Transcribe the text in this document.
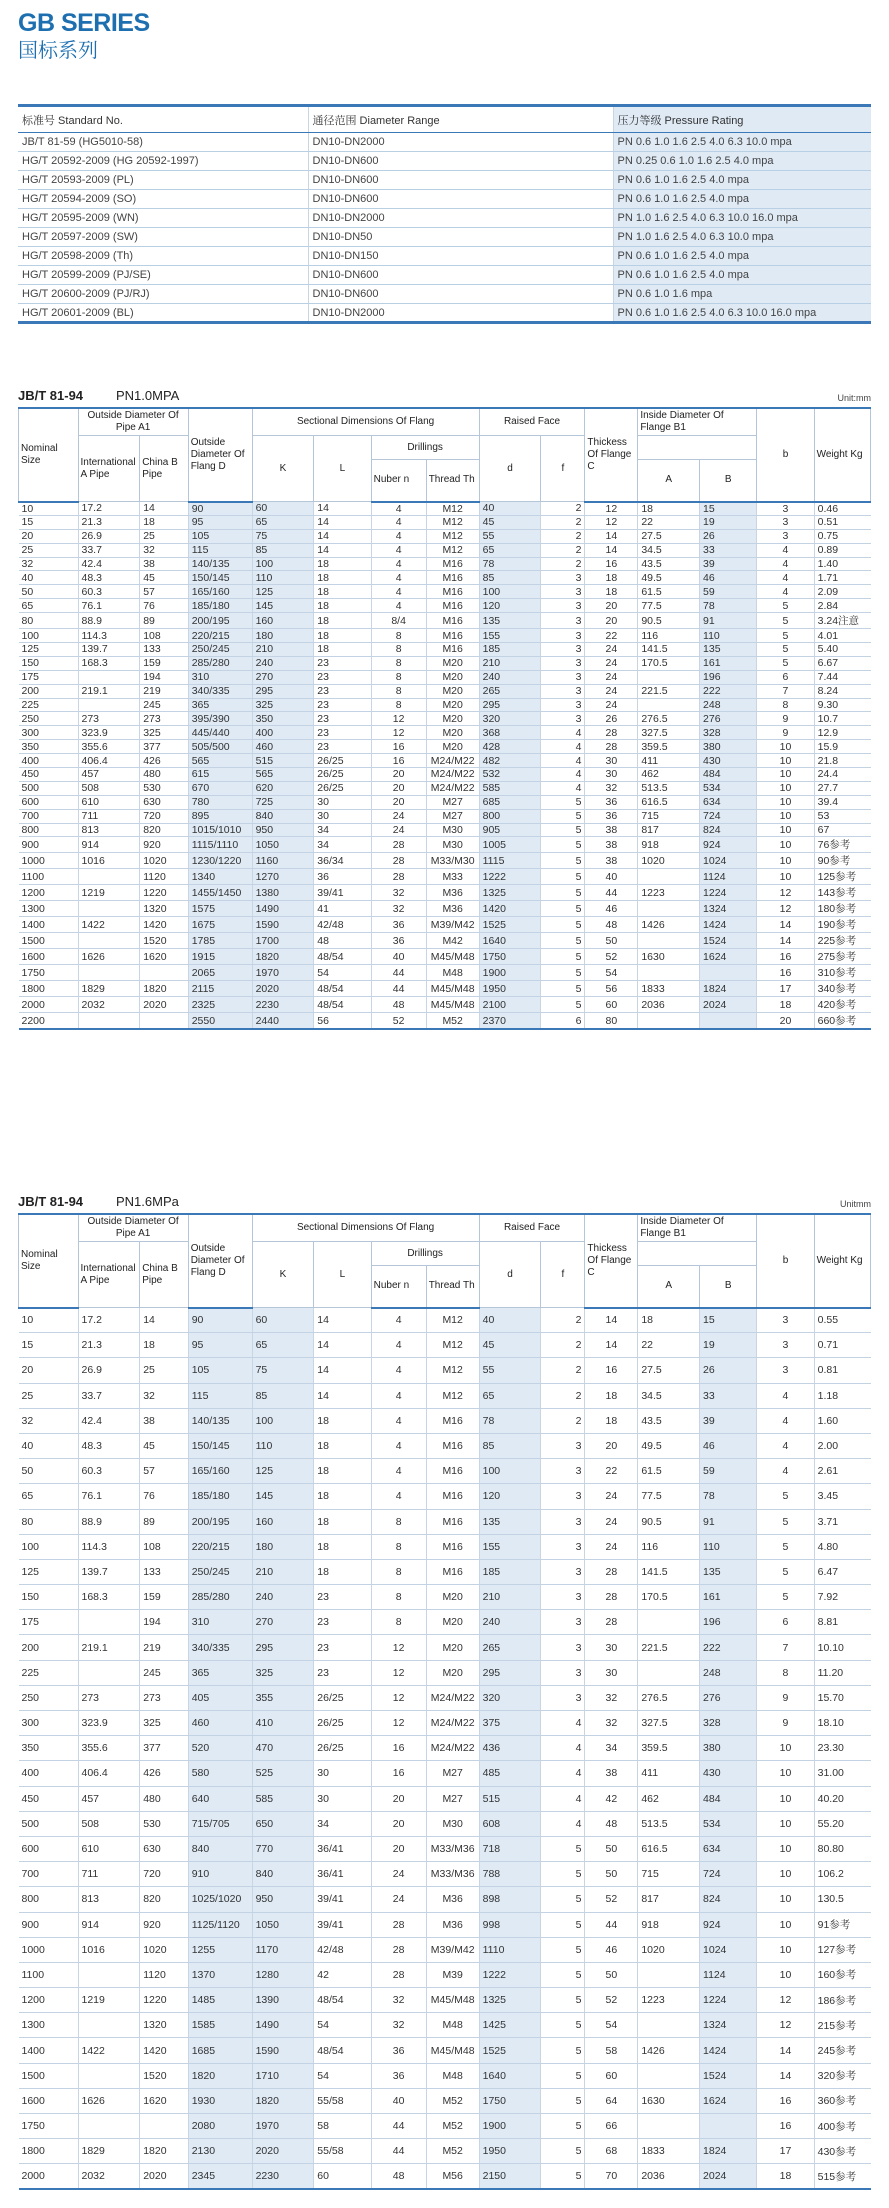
GB SERIES
国标系列
标准号 Standard No.	通径范围 Diameter Range	压力等级 Pressure Rating
JB/T 81-59 (HG5010-58)	DN10-DN2000	PN 0.6 1.0 1.6 2.5 4.0 6.3 10.0 mpa
HG/T 20592-2009 (HG 20592-1997)	DN10-DN600	PN 0.25 0.6 1.0 1.6 2.5 4.0 mpa
HG/T 20593-2009 (PL)	DN10-DN600	PN 0.6 1.0 1.6 2.5 4.0 mpa
HG/T 20594-2009 (SO)	DN10-DN600	PN 0.6 1.0 1.6 2.5 4.0 mpa
HG/T 20595-2009 (WN)	DN10-DN2000	PN 1.0 1.6 2.5 4.0 6.3 10.0 16.0 mpa
HG/T 20597-2009 (SW)	DN10-DN50	PN 1.0 1.6 2.5 4.0 6.3 10.0 mpa
HG/T 20598-2009 (Th)	DN10-DN150	PN 0.6 1.0 1.6 2.5 4.0 mpa
HG/T 20599-2009 (PJ/SE)	DN10-DN600	PN 0.6 1.0 1.6 2.5 4.0 mpa
HG/T 20600-2009 (PJ/RJ)	DN10-DN600	PN 0.6 1.0 1.6 mpa
HG/T 20601-2009 (BL)	DN10-DN2000	PN 0.6 1.0 1.6 2.5 4.0 6.3 10.0 16.0 mpa
JB/T 81-94	PN1.0MPA	Unit:mm
Nominal Size	Outside Diameter Of Pipe A1		Outside Diameter Of Flang D	Sectional Dimensions Of Flang				Raised Face		Thickess Of Flange C	Inside Diameter Of Flange B1		b	Weight Kg
	International A Pipe	China B Pipe		K	L	Drillings		d	f					
						Nuber n	Thread Th				A	B		
10	17.2	14	90	60	14	4	M12	40	2	12	18	15	3	0.46
15	21.3	18	95	65	14	4	M12	45	2	12	22	19	3	0.51
20	26.9	25	105	75	14	4	M12	55	2	14	27.5	26	3	0.75
25	33.7	32	115	85	14	4	M12	65	2	14	34.5	33	4	0.89
32	42.4	38	140/135	100	18	4	M16	78	2	16	43.5	39	4	1.40
40	48.3	45	150/145	110	18	4	M16	85	3	18	49.5	46	4	1.71
50	60.3	57	165/160	125	18	4	M16	100	3	18	61.5	59	4	2.09
65	76.1	76	185/180	145	18	4	M16	120	3	20	77.5	78	5	2.84
80	88.9	89	200/195	160	18	8/4	M16	135	3	20	90.5	91	5	3.24注意
100	114.3	108	220/215	180	18	8	M16	155	3	22	116	110	5	4.01
125	139.7	133	250/245	210	18	8	M16	185	3	24	141.5	135	5	5.40
150	168.3	159	285/280	240	23	8	M20	210	3	24	170.5	161	5	6.67
175		194	310	270	23	8	M20	240	3	24		196	6	7.44
200	219.1	219	340/335	295	23	8	M20	265	3	24	221.5	222	7	8.24
225		245	365	325	23	8	M20	295	3	24		248	8	9.30
250	273	273	395/390	350	23	12	M20	320	3	26	276.5	276	9	10.7
300	323.9	325	445/440	400	23	12	M20	368	4	28	327.5	328	9	12.9
350	355.6	377	505/500	460	23	16	M20	428	4	28	359.5	380	10	15.9
400	406.4	426	565	515	26/25	16	M24/M22	482	4	30	411	430	10	21.8
450	457	480	615	565	26/25	20	M24/M22	532	4	30	462	484	10	24.4
500	508	530	670	620	26/25	20	M24/M22	585	4	32	513.5	534	10	27.7
600	610	630	780	725	30	20	M27	685	5	36	616.5	634	10	39.4
700	711	720	895	840	30	24	M27	800	5	36	715	724	10	53
800	813	820	1015/1010	950	34	24	M30	905	5	38	817	824	10	67
900	914	920	1115/1110	1050	34	28	M30	1005	5	38	918	924	10	76参考
1000	1016	1020	1230/1220	1160	36/34	28	M33/M30	1115	5	38	1020	1024	10	90参考
1100		1120	1340	1270	36	28	M33	1222	5	40		1124	10	125参考
1200	1219	1220	1455/1450	1380	39/41	32	M36	1325	5	44	1223	1224	12	143参考
1300		1320	1575	1490	41	32	M36	1420	5	46		1324	12	180参考
1400	1422	1420	1675	1590	42/48	36	M39/M42	1525	5	48	1426	1424	14	190参考
1500		1520	1785	1700	48	36	M42	1640	5	50		1524	14	225参考
1600	1626	1620	1915	1820	48/54	40	M45/M48	1750	5	52	1630	1624	16	275参考
1750			2065	1970	54	44	M48	1900	5	54			16	310参考
1800	1829	1820	2115	2020	48/54	44	M45/M48	1950	5	56	1833	1824	17	340参考
2000	2032	2020	2325	2230	48/54	48	M45/M48	2100	5	60	2036	2024	18	420参考
2200			2550	2440	56	52	M52	2370	6	80			20	660参考
JB/T 81-94	PN1.6MPa	Unitmm
Nominal Size	Outside Diameter Of Pipe A1		Outside Diameter Of Flang D	Sectional Dimensions Of Flang				Raised Face		Thickess Of Flange C	Inside Diameter Of Flange B1		b	Weight Kg
	International A Pipe	China B Pipe		K	L	Drillings		d	f					
						Nuber n	Thread Th				A	B		
10	17.2	14	90	60	14	4	M12	40	2	14	18	15	3	0.55
15	21.3	18	95	65	14	4	M12	45	2	14	22	19	3	0.71
20	26.9	25	105	75	14	4	M12	55	2	16	27.5	26	3	0.81
25	33.7	32	115	85	14	4	M12	65	2	18	34.5	33	4	1.18
32	42.4	38	140/135	100	18	4	M16	78	2	18	43.5	39	4	1.60
40	48.3	45	150/145	110	18	4	M16	85	3	20	49.5	46	4	2.00
50	60.3	57	165/160	125	18	4	M16	100	3	22	61.5	59	4	2.61
65	76.1	76	185/180	145	18	4	M16	120	3	24	77.5	78	5	3.45
80	88.9	89	200/195	160	18	8	M16	135	3	24	90.5	91	5	3.71
100	114.3	108	220/215	180	18	8	M16	155	3	24	116	110	5	4.80
125	139.7	133	250/245	210	18	8	M16	185	3	28	141.5	135	5	6.47
150	168.3	159	285/280	240	23	8	M20	210	3	28	170.5	161	5	7.92
175		194	310	270	23	8	M20	240	3	28		196	6	8.81
200	219.1	219	340/335	295	23	12	M20	265	3	30	221.5	222	7	10.10
225		245	365	325	23	12	M20	295	3	30		248	8	11.20
250	273	273	405	355	26/25	12	M24/M22	320	3	32	276.5	276	9	15.70
300	323.9	325	460	410	26/25	12	M24/M22	375	4	32	327.5	328	9	18.10
350	355.6	377	520	470	26/25	16	M24/M22	436	4	34	359.5	380	10	23.30
400	406.4	426	580	525	30	16	M27	485	4	38	411	430	10	31.00
450	457	480	640	585	30	20	M27	515	4	42	462	484	10	40.20
500	508	530	715/705	650	34	20	M30	608	4	48	513.5	534	10	55.20
600	610	630	840	770	36/41	20	M33/M36	718	5	50	616.5	634	10	80.80
700	711	720	910	840	36/41	24	M33/M36	788	5	50	715	724	10	106.2
800	813	820	1025/1020	950	39/41	24	M36	898	5	52	817	824	10	130.5
900	914	920	1125/1120	1050	39/41	28	M36	998	5	44	918	924	10	91参考
1000	1016	1020	1255	1170	42/48	28	M39/M42	1110	5	46	1020	1024	10	127参考
1100		1120	1370	1280	42	28	M39	1222	5	50		1124	10	160参考
1200	1219	1220	1485	1390	48/54	32	M45/M48	1325	5	52	1223	1224	12	186参考
1300		1320	1585	1490	54	32	M48	1425	5	54		1324	12	215参考
1400	1422	1420	1685	1590	48/54	36	M45/M48	1525	5	58	1426	1424	14	245参考
1500		1520	1820	1710	54	36	M48	1640	5	60		1524	14	320参考
1600	1626	1620	1930	1820	55/58	40	M52	1750	5	64	1630	1624	16	360参考
1750			2080	1970	58	44	M52	1900	5	66			16	400参考
1800	1829	1820	2130	2020	55/58	44	M52	1950	5	68	1833	1824	17	430参考
2000	2032	2020	2345	2230	60	48	M56	2150	5	70	2036	2024	18	515参考
